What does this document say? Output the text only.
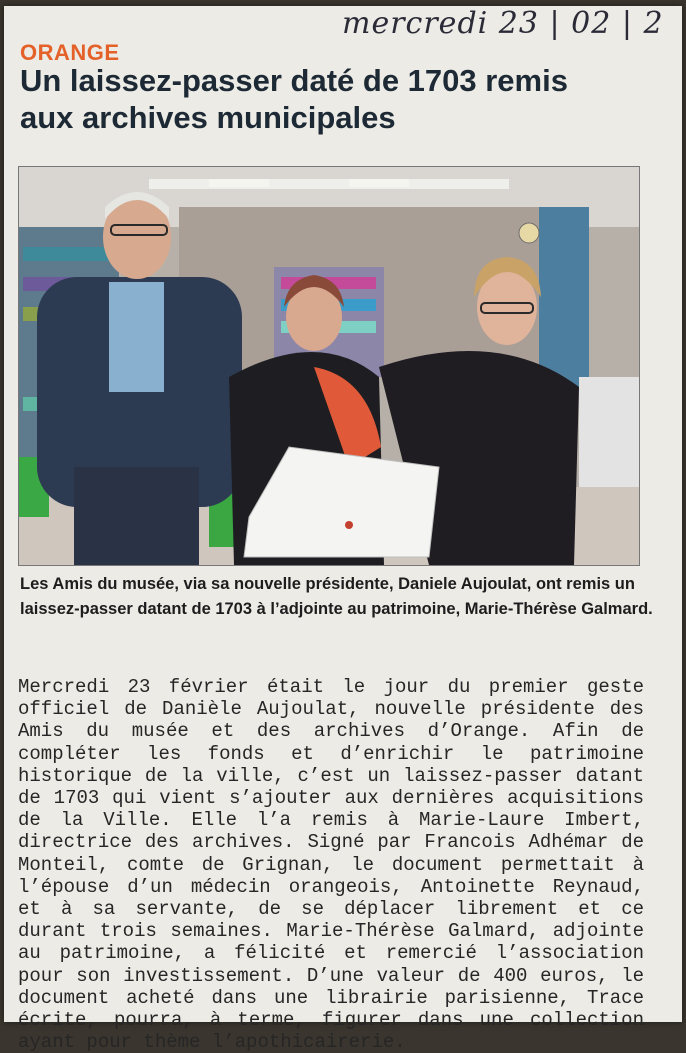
mercredi 23 | 02 | 2
ORANGE
Un laissez-passer daté de 1703 remis aux archives municipales

Les Amis du musée, via sa nouvelle présidente, Daniele Aujoulat, ont remis un laissez-passer datant de 1703 à l’adjointe au patrimoine, Marie-Thérèse Galmard.

Mercredi 23 février était le jour du premier geste officiel de Danièle Aujoulat, nouvelle présidente des Amis du musée et des archives d’Orange. Afin de compléter les fonds et d’enrichir le patrimoine historique de la ville, c’est un laissez-passer datant de 1703 qui vient s’ajouter aux dernières acquisitions de la Ville. Elle l’a remis à Marie-Laure Imbert, directrice des archives. Signé par Francois Adhémar de Monteil, comte de Grignan, le document permettait à l’épouse d’un médecin orangeois, Antoinette Reynaud, et à sa servante, de se déplacer librement et ce durant trois semaines. Marie-Thérèse Galmard, adjointe au patrimoine, a félicité et remercié l’association pour son investissement. D’une valeur de 400 euros, le document acheté dans une librairie parisienne, Trace écrite, pourra, à terme, figurer dans une collection ayant pour thème l’apothicairerie.
